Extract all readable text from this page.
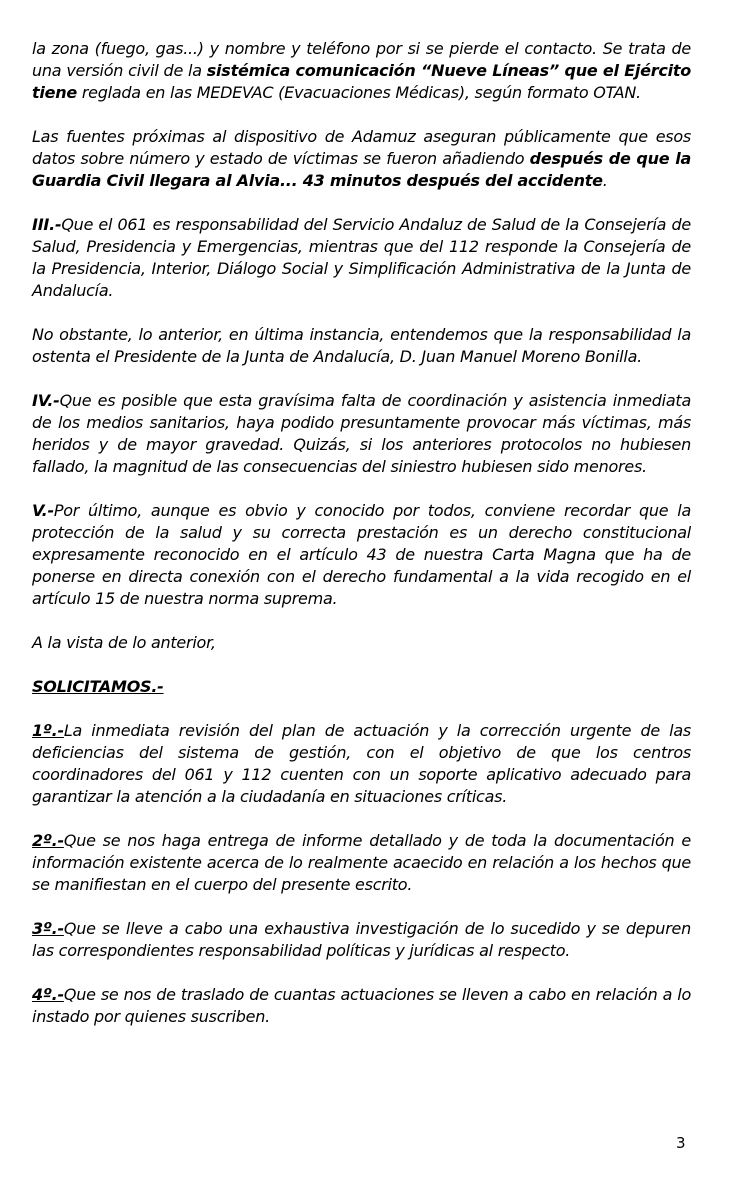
la zona (fuego, gas...) y nombre y teléfono por si se pierde el contacto. Se trata de una versión civil de la sistémica comunicación “Nueve Líneas” que el Ejército tiene reglada en las MEDEVAC (Evacuaciones Médicas), según formato OTAN.

Las fuentes próximas al dispositivo de Adamuz aseguran públicamente que esos datos sobre número y estado de víctimas se fueron añadiendo después de que la Guardia Civil llegara al Alvia... 43 minutos después del accidente.

III.-Que el 061 es responsabilidad del Servicio Andaluz de Salud de la Consejería de Salud, Presidencia y Emergencias, mientras que del 112 responde la Consejería de la Presidencia, Interior, Diálogo Social y Simplificación Administrativa de la Junta de Andalucía.

No obstante, lo anterior, en última instancia, entendemos que la responsabilidad la ostenta el Presidente de la Junta de Andalucía, D. Juan Manuel Moreno Bonilla.

IV.-Que es posible que esta gravísima falta de coordinación y asistencia inmediata de los medios sanitarios, haya podido presuntamente provocar más víctimas, más heridos y de mayor gravedad. Quizás, si los anteriores protocolos no hubiesen fallado, la magnitud de las consecuencias del siniestro hubiesen sido menores.

V.-Por último, aunque es obvio y conocido por todos, conviene recordar que la protección de la salud y su correcta prestación es un derecho constitucional expresamente reconocido en el artículo 43 de nuestra Carta Magna que ha de ponerse en directa conexión con el derecho fundamental a la vida recogido en el artículo 15 de nuestra norma suprema.

A la vista de lo anterior,

SOLICITAMOS.-

1º.-La inmediata revisión del plan de actuación y la corrección urgente de las deficiencias del sistema de gestión, con el objetivo de que los centros coordinadores del 061 y 112 cuenten con un soporte aplicativo adecuado para garantizar la atención a la ciudadanía en situaciones críticas.

2º.-Que se nos haga entrega de informe detallado y de toda la documentación e información existente acerca de lo realmente acaecido en relación a los hechos que se manifiestan en el cuerpo del presente escrito.

3º.-Que se lleve a cabo una exhaustiva investigación de lo sucedido y se depuren las correspondientes responsabilidad políticas y jurídicas al respecto.

4º.-Que se nos de traslado de cuantas actuaciones se lleven a cabo en relación a lo instado por quienes suscriben.

3
